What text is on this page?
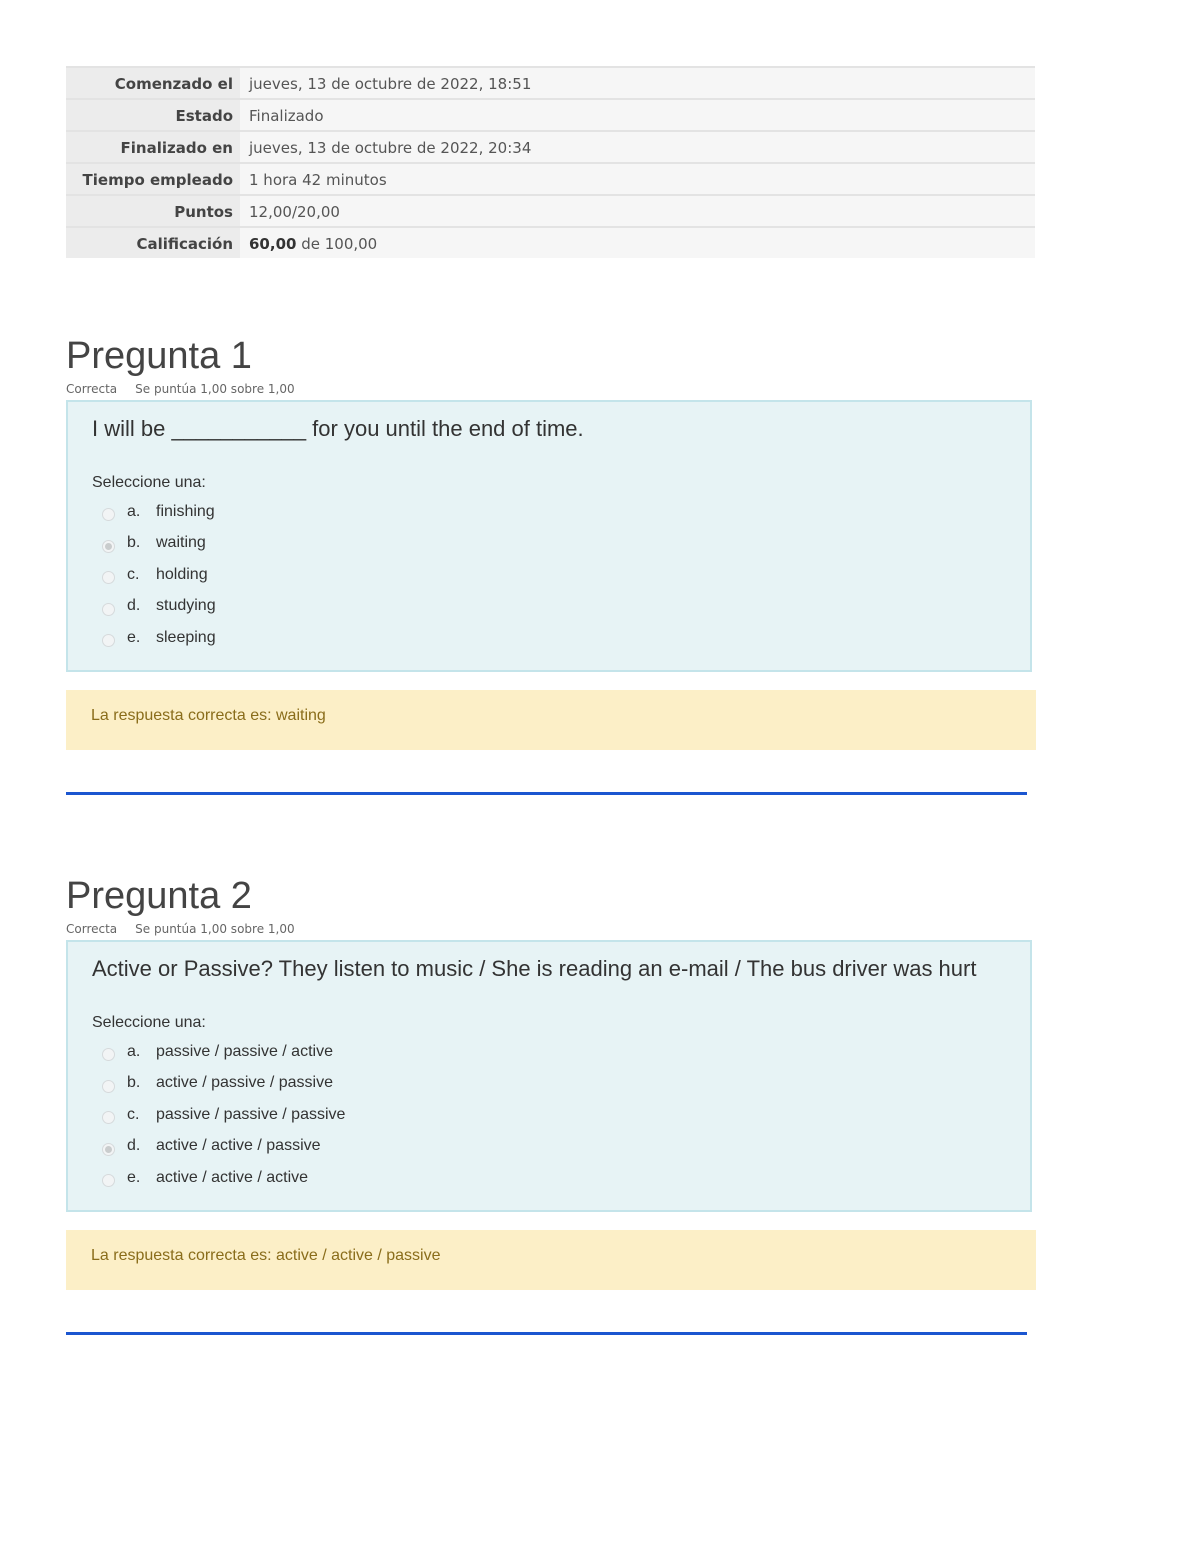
Comenzado el	jueves, 13 de octubre de 2022, 18:51
Estado	Finalizado
Finalizado en	jueves, 13 de octubre de 2022, 20:34
Tiempo empleado	1 hora 42 minutos
Puntos	12,00/20,00
Calificación	60,00 de 100,00
Pregunta 1
Correcta Se puntúa 1,00 sobre 1,00

I will be ___________ for you until the end of time.

Seleccione una:
a. finishing
b. waiting
c.	holding
d. studying
e. sleeping
La respuesta correcta es: waiting
Pregunta 2
Correcta Se puntúa 1,00 sobre 1,00

Active or Passive? They listen to music / She is reading an e-mail / The bus driver was hurt

Seleccione una:
a. passive / passive / active
b. active / passive / passive
c.	passive / passive / passive
d. active / active / passive
e. active / active / active
La respuesta correcta es: active / active / passive
